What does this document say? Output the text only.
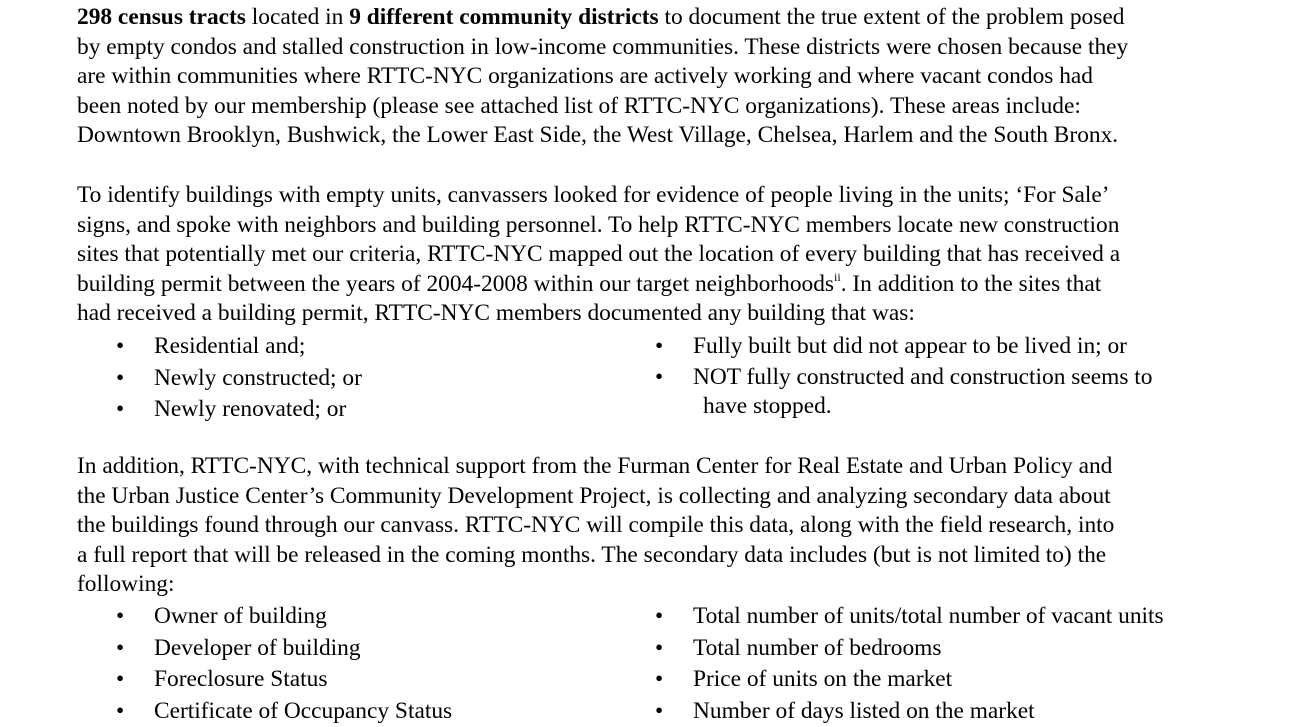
298 census tracts located in 9 different community districts to document the true extent of the problem posed
by empty condos and stalled construction in low-income communities. These districts were chosen because they
are within communities where RTTC-NYC organizations are actively working and where vacant condos had
been noted by our membership (please see attached list of RTTC-NYC organizations). These areas include:
Downtown Brooklyn, Bushwick, the Lower East Side, the West Village, Chelsea, Harlem and the South Bronx.

To identify buildings with empty units, canvassers looked for evidence of people living in the units; ‘For Sale’
signs, and spoke with neighbors and building personnel. To help RTTC-NYC members locate new construction
sites that potentially met our criteria, RTTC-NYC mapped out the location of every building that has received a
building permit between the years of 2004-2008 within our target neighborhoods$^{ii}$. In addition to the sites that
had received a building permit, RTTC-NYC members documented any building that was:

• Residential and;
• Newly constructed; or
• Newly renovated; or
• Fully built but did not appear to be lived in; or
• NOT fully constructed and construction seems to
have stopped.

In addition, RTTC-NYC, with technical support from the Furman Center for Real Estate and Urban Policy and
the Urban Justice Center’s Community Development Project, is collecting and analyzing secondary data about
the buildings found through our canvass. RTTC-NYC will compile this data, along with the field research, into
a full report that will be released in the coming months. The secondary data includes (but is not limited to) the
following:

• Owner of building
• Developer of building
• Foreclosure Status
• Certificate of Occupancy Status
• Total number of units/total number of vacant units
• Total number of bedrooms
• Price of units on the market
• Number of days listed on the market
